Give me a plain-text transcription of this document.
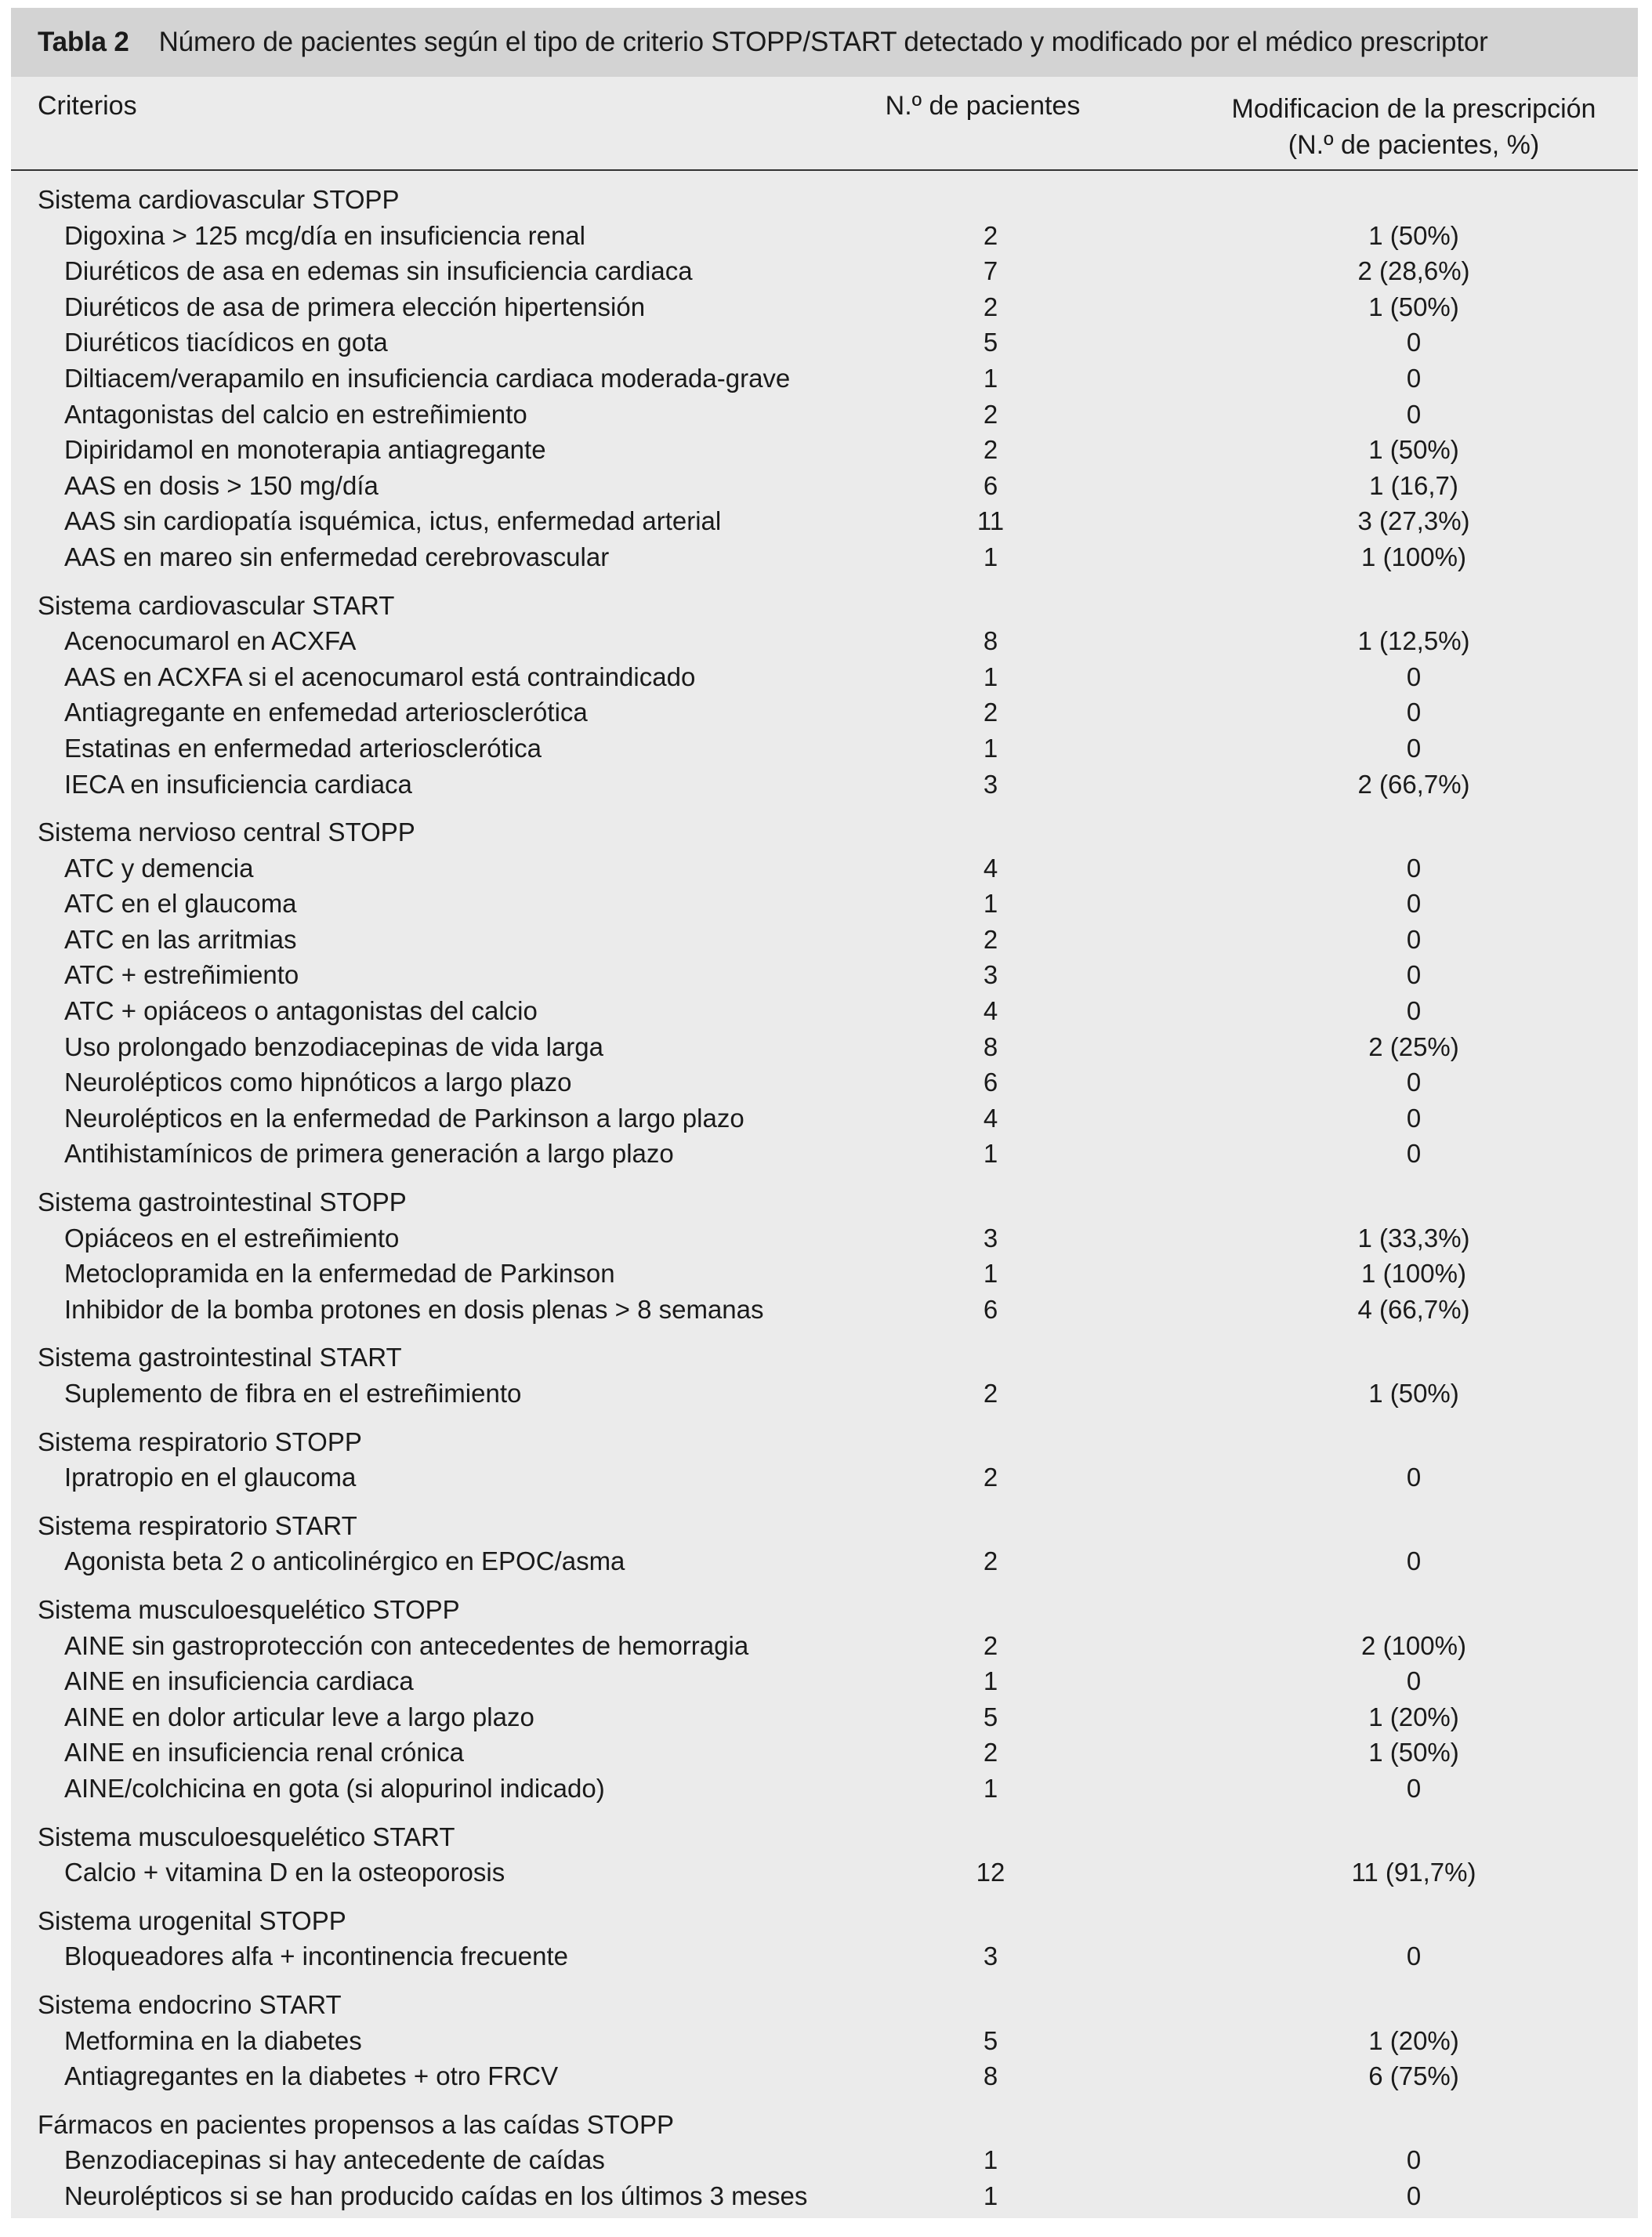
Tabla 2 Número de pacientes según el tipo de criterio STOPP/START detectado y modificado por el médico prescriptor
Criterios	N.º de pacientes	Modificacion de la prescripción
(N.º de pacientes, %)
Sistema cardiovascular STOPP
Digoxina > 125 mcg/día en insuficiencia renal	2	1 (50%)
Diuréticos de asa en edemas sin insuficiencia cardiaca	7	2 (28,6%)
Diuréticos de asa de primera elección hipertensión	2	1 (50%)
Diuréticos tiacídicos en gota	5	0
Diltiacem/verapamilo en insuficiencia cardiaca moderada-grave	1	0
Antagonistas del calcio en estreñimiento	2	0
Dipiridamol en monoterapia antiagregante	2	1 (50%)
AAS en dosis > 150 mg/día	6	1 (16,7)
AAS sin cardiopatía isquémica, ictus, enfermedad arterial	11	3 (27,3%)
AAS en mareo sin enfermedad cerebrovascular	1	1 (100%)
Sistema cardiovascular START
Acenocumarol en ACXFA	8	1 (12,5%)
AAS en ACXFA si el acenocumarol está contraindicado	1	0
Antiagregante en enfemedad arteriosclerótica	2	0
Estatinas en enfermedad arteriosclerótica	1	0
IECA en insuficiencia cardiaca	3	2 (66,7%)
Sistema nervioso central STOPP
ATC y demencia	4	0
ATC en el glaucoma	1	0
ATC en las arritmias	2	0
ATC + estreñimiento	3	0
ATC + opiáceos o antagonistas del calcio	4	0
Uso prolongado benzodiacepinas de vida larga	8	2 (25%)
Neurolépticos como hipnóticos a largo plazo	6	0
Neurolépticos en la enfermedad de Parkinson a largo plazo	4	0
Antihistamínicos de primera generación a largo plazo	1	0
Sistema gastrointestinal STOPP
Opiáceos en el estreñimiento	3	1 (33,3%)
Metoclopramida en la enfermedad de Parkinson	1	1 (100%)
Inhibidor de la bomba protones en dosis plenas > 8 semanas	6	4 (66,7%)
Sistema gastrointestinal START
Suplemento de fibra en el estreñimiento	2	1 (50%)
Sistema respiratorio STOPP
Ipratropio en el glaucoma	2	0
Sistema respiratorio START
Agonista beta 2 o anticolinérgico en EPOC/asma	2	0
Sistema musculoesquelético STOPP
AINE sin gastroprotección con antecedentes de hemorragia	2	2 (100%)
AINE en insuficiencia cardiaca	1	0
AINE en dolor articular leve a largo plazo	5	1 (20%)
AINE en insuficiencia renal crónica	2	1 (50%)
AINE/colchicina en gota (si alopurinol indicado)	1	0
Sistema musculoesquelético START
Calcio + vitamina D en la osteoporosis	12	11 (91,7%)
Sistema urogenital STOPP
Bloqueadores alfa + incontinencia frecuente	3	0
Sistema endocrino START
Metformina en la diabetes	5	1 (20%)
Antiagregantes en la diabetes + otro FRCV	8	6 (75%)
Fármacos en pacientes propensos a las caídas STOPP
Benzodiacepinas si hay antecedente de caídas	1	0
Neurolépticos si se han producido caídas en los últimos 3 meses	1	0
